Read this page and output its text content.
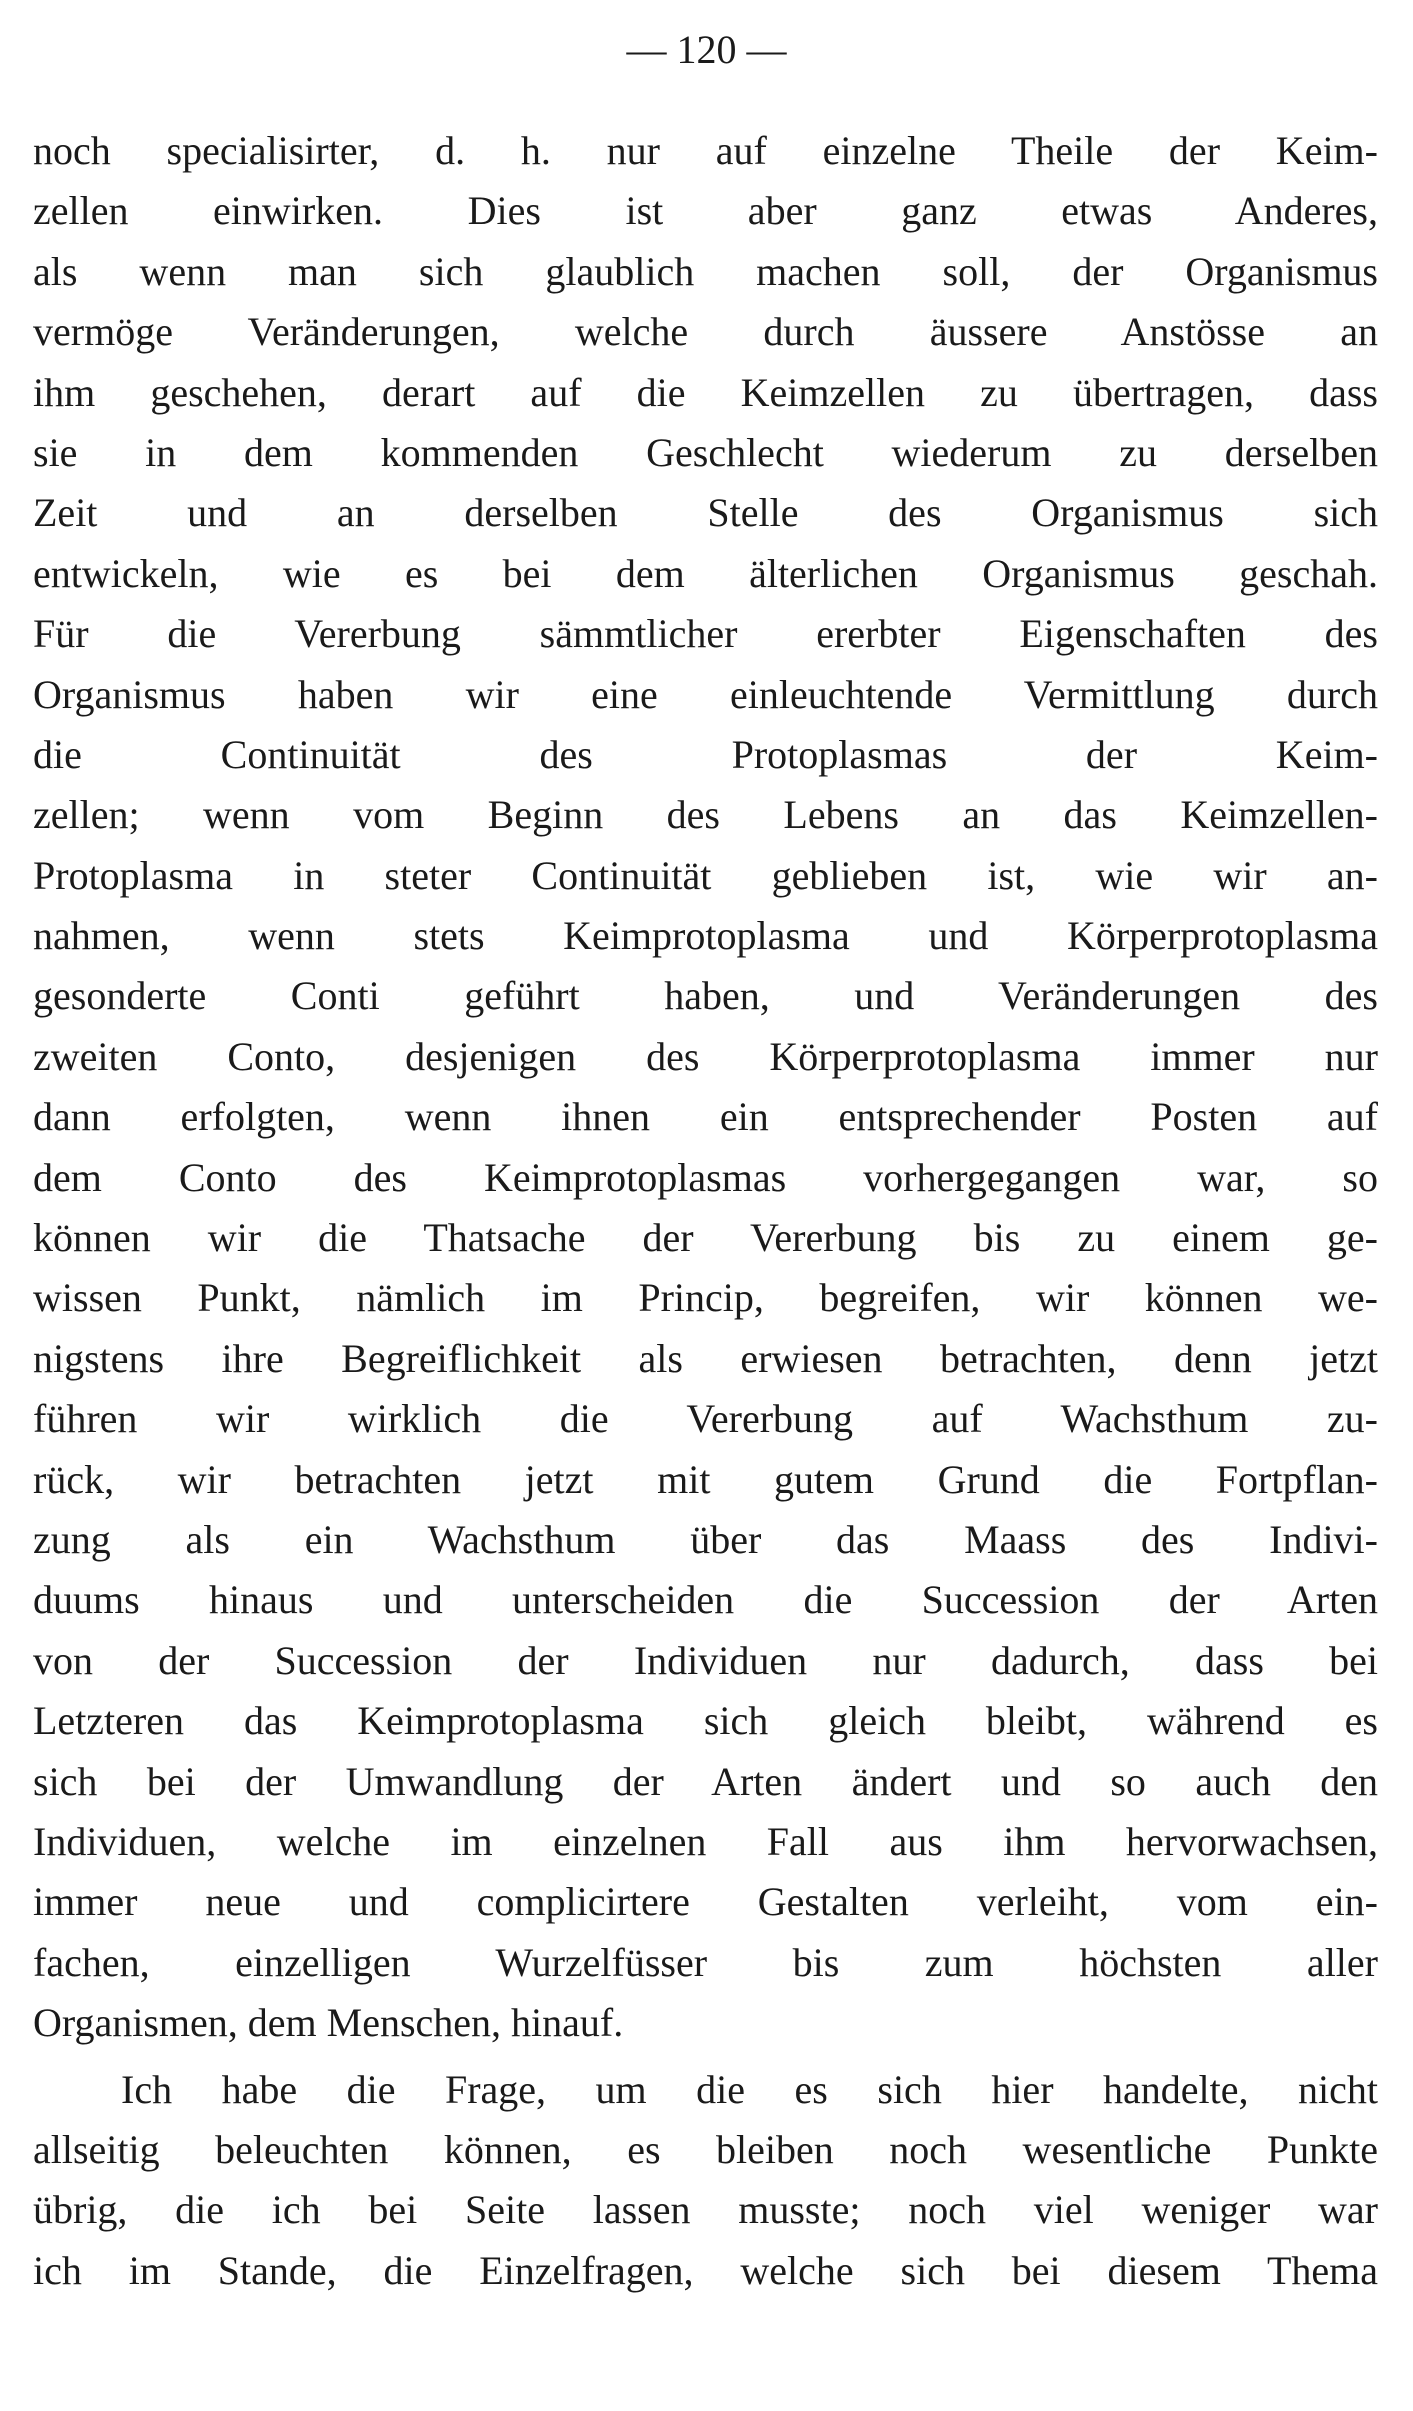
— 120 —
noch specialisirter, d. h. nur auf einzelne Theile der Keim-
zellen einwirken. Dies ist aber ganz etwas Anderes,
als wenn man sich glaublich machen soll, der Organismus
vermöge Veränderungen, welche durch äussere Anstösse an
ihm geschehen, derart auf die Keimzellen zu übertragen, dass
sie in dem kommenden Geschlecht wiederum zu derselben
Zeit und an derselben Stelle des Organismus sich
entwickeln, wie es bei dem älterlichen Organismus geschah.
Für die Vererbung sämmtlicher ererbter Eigenschaften des
Organismus haben wir eine einleuchtende Vermittlung durch
die Continuität des Protoplasmas der Keim-
zellen; wenn vom Beginn des Lebens an das Keimzellen-
Protoplasma in steter Continuität geblieben ist, wie wir an-
nahmen, wenn stets Keimprotoplasma und Körperprotoplasma
gesonderte Conti geführt haben, und Veränderungen des
zweiten Conto, desjenigen des Körperprotoplasma immer nur
dann erfolgten, wenn ihnen ein entsprechender Posten auf
dem Conto des Keimprotoplasmas vorhergegangen war, so
können wir die Thatsache der Vererbung bis zu einem ge-
wissen Punkt, nämlich im Princip, begreifen, wir können we-
nigstens ihre Begreiflichkeit als erwiesen betrachten, denn jetzt
führen wir wirklich die Vererbung auf Wachsthum zu-
rück, wir betrachten jetzt mit gutem Grund die Fortpflan-
zung als ein Wachsthum über das Maass des Indivi-
duums hinaus und unterscheiden die Succession der Arten
von der Succession der Individuen nur dadurch, dass bei
Letzteren das Keimprotoplasma sich gleich bleibt, während es
sich bei der Umwandlung der Arten ändert und so auch den
Individuen, welche im einzelnen Fall aus ihm hervorwachsen,
immer neue und complicirtere Gestalten verleiht, vom ein-
fachen, einzelligen Wurzelfüsser bis zum höchsten aller
Organismen, dem Menschen, hinauf.
Ich habe die Frage, um die es sich hier handelte, nicht
allseitig beleuchten können, es bleiben noch wesentliche Punkte
übrig, die ich bei Seite lassen musste; noch viel weniger war
ich im Stande, die Einzelfragen, welche sich bei diesem Thema
